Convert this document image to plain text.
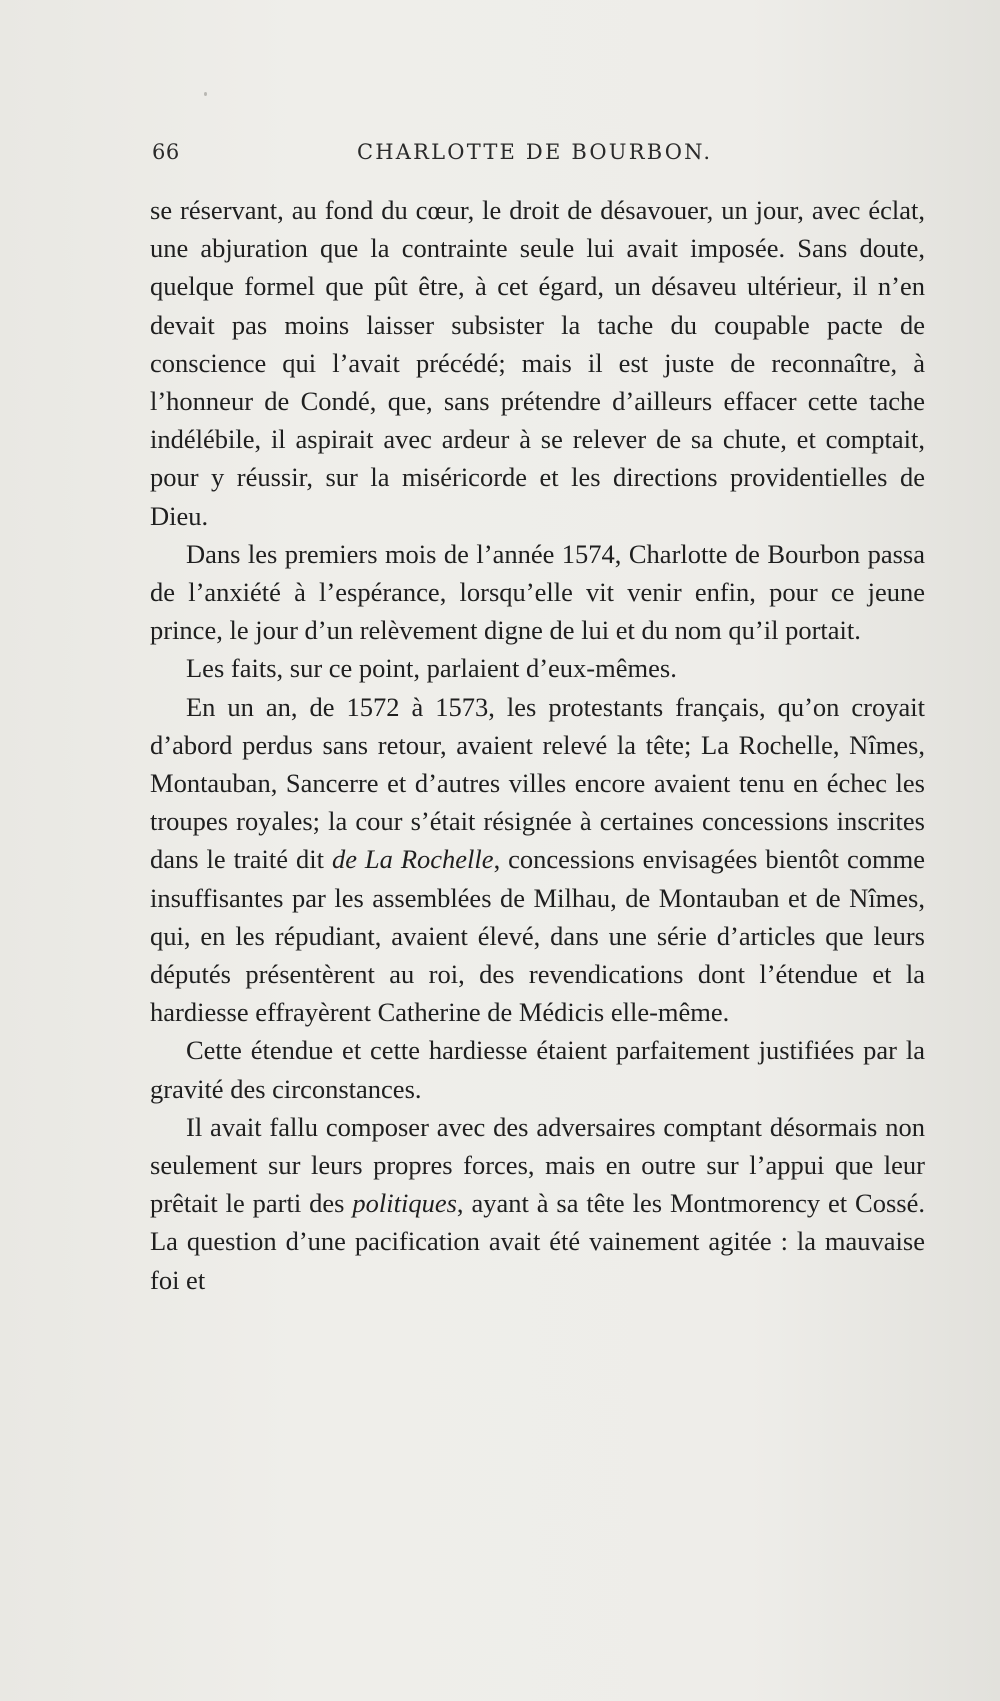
66	CHARLOTTE DE BOURBON.

se réservant, au fond du cœur, le droit de désavouer, un jour, avec éclat, une abjuration que la contrainte seule lui avait imposée. Sans doute, quelque formel que pût être, à cet égard, un désaveu ultérieur, il n’en devait pas moins laisser subsister la tache du coupable pacte de conscience qui l’avait précédé; mais il est juste de reconnaître, à l’honneur de Condé, que, sans prétendre d’ailleurs effacer cette tache indélébile, il aspirait avec ardeur à se relever de sa chute, et comptait, pour y réussir, sur la miséricorde et les directions providentielles de Dieu.

Dans les premiers mois de l’année 1574, Charlotte de Bourbon passa de l’anxiété à l’espérance, lorsqu’elle vit venir enfin, pour ce jeune prince, le jour d’un relèvement digne de lui et du nom qu’il portait.

Les faits, sur ce point, parlaient d’eux-mêmes.

En un an, de 1572 à 1573, les protestants français, qu’on croyait d’abord perdus sans retour, avaient relevé la tête; La Rochelle, Nîmes, Montauban, Sancerre et d’autres villes encore avaient tenu en échec les troupes royales; la cour s’était résignée à certaines concessions inscrites dans le traité dit de La Rochelle, concessions envisagées bientôt comme insuffisantes par les assemblées de Milhau, de Montauban et de Nîmes, qui, en les répudiant, avaient élevé, dans une série d’articles que leurs députés présentèrent au roi, des revendications dont l’étendue et la hardiesse effrayèrent Catherine de Médicis elle-même.

Cette étendue et cette hardiesse étaient parfaitement justifiées par la gravité des circonstances.

Il avait fallu composer avec des adversaires comptant désormais non seulement sur leurs propres forces, mais en outre sur l’appui que leur prêtait le parti des politiques, ayant à sa tête les Montmorency et Cossé. La question d’une pacification avait été vainement agitée : la mauvaise foi et
